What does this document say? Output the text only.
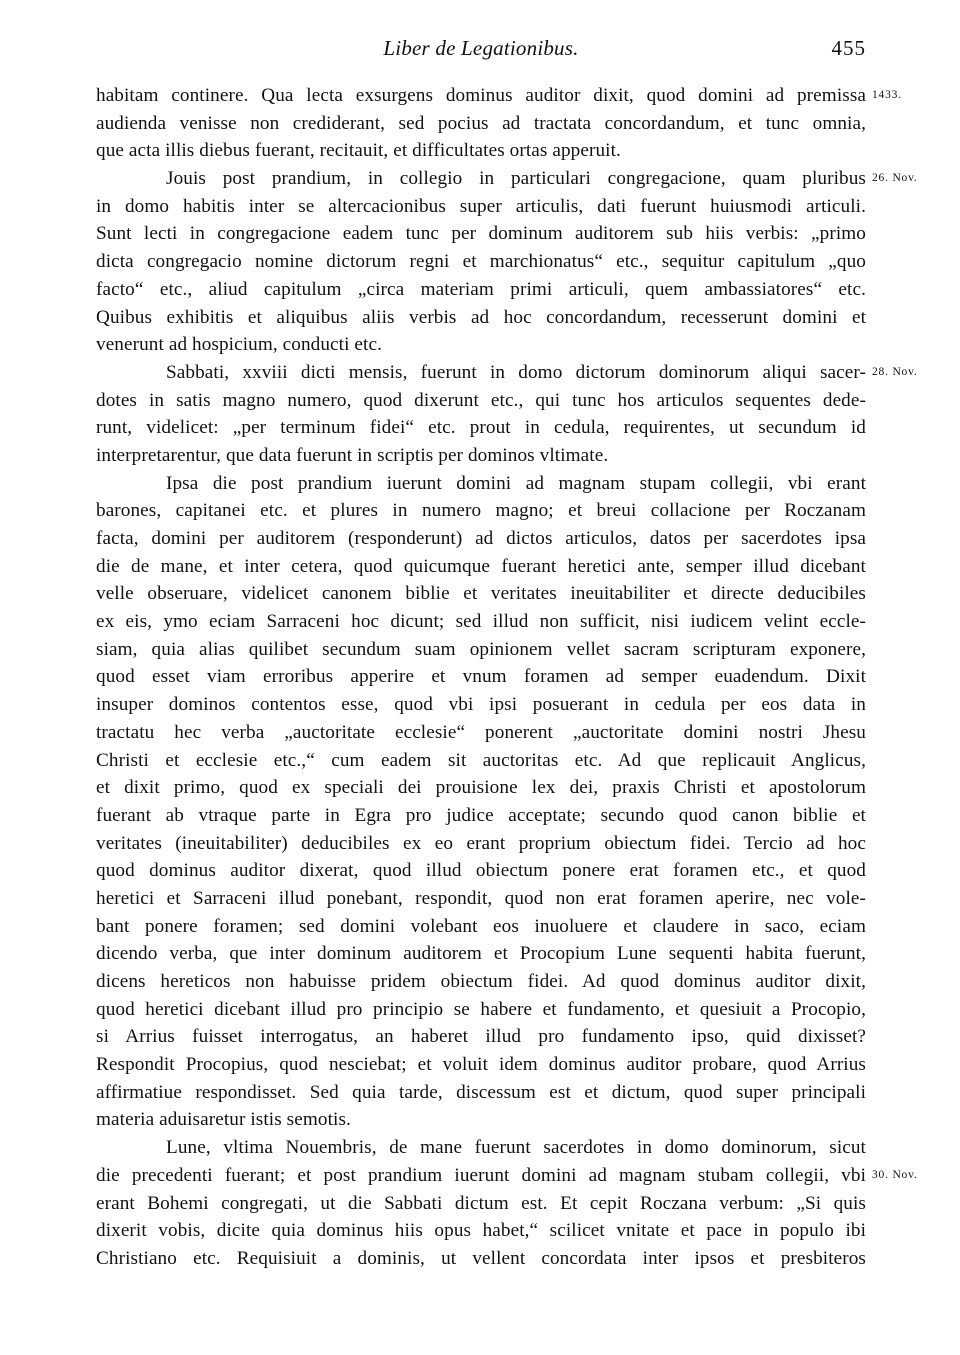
Liber de Legationibus.	455
1433.
26. Nov.
28. Nov.
30. Nov.
habitam continere. Qua lecta exsurgens dominus auditor dixit, quod domini ad premissa
audienda venisse non crediderant, sed pocius ad tractata concordandum, et tunc omnia,
que acta illis diebus fuerant, recitauit, et difficultates ortas apperuit.
Jouis post prandium, in collegio in particulari congregacione, quam pluribus
in domo habitis inter se altercacionibus super articulis, dati fuerunt huiusmodi articuli.
Sunt lecti in congregacione eadem tunc per dominum auditorem sub hiis verbis: „primo
dicta congregacio nomine dictorum regni et marchionatus“ etc., sequitur capitulum „quo
facto“ etc., aliud capitulum „circa materiam primi articuli, quem ambassiatores“ etc.
Quibus exhibitis et aliquibus aliis verbis ad hoc concordandum, recesserunt domini et
venerunt ad hospicium, conducti etc.
Sabbati, xxviii dicti mensis, fuerunt in domo dictorum dominorum aliqui sacer-
dotes in satis magno numero, quod dixerunt etc., qui tunc hos articulos sequentes dede-
runt, videlicet: „per terminum fidei“ etc. prout in cedula, requirentes, ut secundum id
interpretarentur, que data fuerunt in scriptis per dominos vltimate.
Ipsa die post prandium iuerunt domini ad magnam stupam collegii, vbi erant
barones, capitanei etc. et plures in numero magno; et breui collacione per Roczanam
facta, domini per auditorem (responderunt) ad dictos articulos, datos per sacerdotes ipsa
die de mane, et inter cetera, quod quicumque fuerant heretici ante, semper illud dicebant
velle obseruare, videlicet canonem biblie et veritates ineuitabiliter et directe deducibiles
ex eis, ymo eciam Sarraceni hoc dicunt; sed illud non sufficit, nisi iudicem velint eccle-
siam, quia alias quilibet secundum suam opinionem vellet sacram scripturam exponere,
quod esset viam erroribus apperire et vnum foramen ad semper euadendum. Dixit
insuper dominos contentos esse, quod vbi ipsi posuerant in cedula per eos data in
tractatu hec verba „auctoritate ecclesie“ ponerent „auctoritate domini nostri Jhesu
Christi et ecclesie etc.,“ cum eadem sit auctoritas etc. Ad que replicauit Anglicus,
et dixit primo, quod ex speciali dei prouisione lex dei, praxis Christi et apostolorum
fuerant ab vtraque parte in Egra pro judice acceptate; secundo quod canon biblie et
veritates (ineuitabiliter) deducibiles ex eo erant proprium obiectum fidei. Tercio ad hoc
quod dominus auditor dixerat, quod illud obiectum ponere erat foramen etc., et quod
heretici et Sarraceni illud ponebant, respondit, quod non erat foramen aperire, nec vole-
bant ponere foramen; sed domini volebant eos inuoluere et claudere in saco, eciam
dicendo verba, que inter dominum auditorem et Procopium Lune sequenti habita fuerunt,
dicens hereticos non habuisse pridem obiectum fidei. Ad quod dominus auditor dixit,
quod heretici dicebant illud pro principio se habere et fundamento, et quesiuit a Procopio,
si Arrius fuisset interrogatus, an haberet illud pro fundamento ipso, quid dixisset?
Respondit Procopius, quod nesciebat; et voluit idem dominus auditor probare, quod Arrius
affirmatiue respondisset. Sed quia tarde, discessum est et dictum, quod super principali
materia aduisaretur istis semotis.
Lune, vltima Nouembris, de mane fuerunt sacerdotes in domo dominorum, sicut
die precedenti fuerant; et post prandium iuerunt domini ad magnam stubam collegii, vbi
erant Bohemi congregati, ut die Sabbati dictum est. Et cepit Roczana verbum: „Si quis
dixerit vobis, dicite quia dominus hiis opus habet,“ scilicet vnitate et pace in populo ibi
Christiano etc. Requisiuit a dominis, ut vellent concordata inter ipsos et presbiteros
